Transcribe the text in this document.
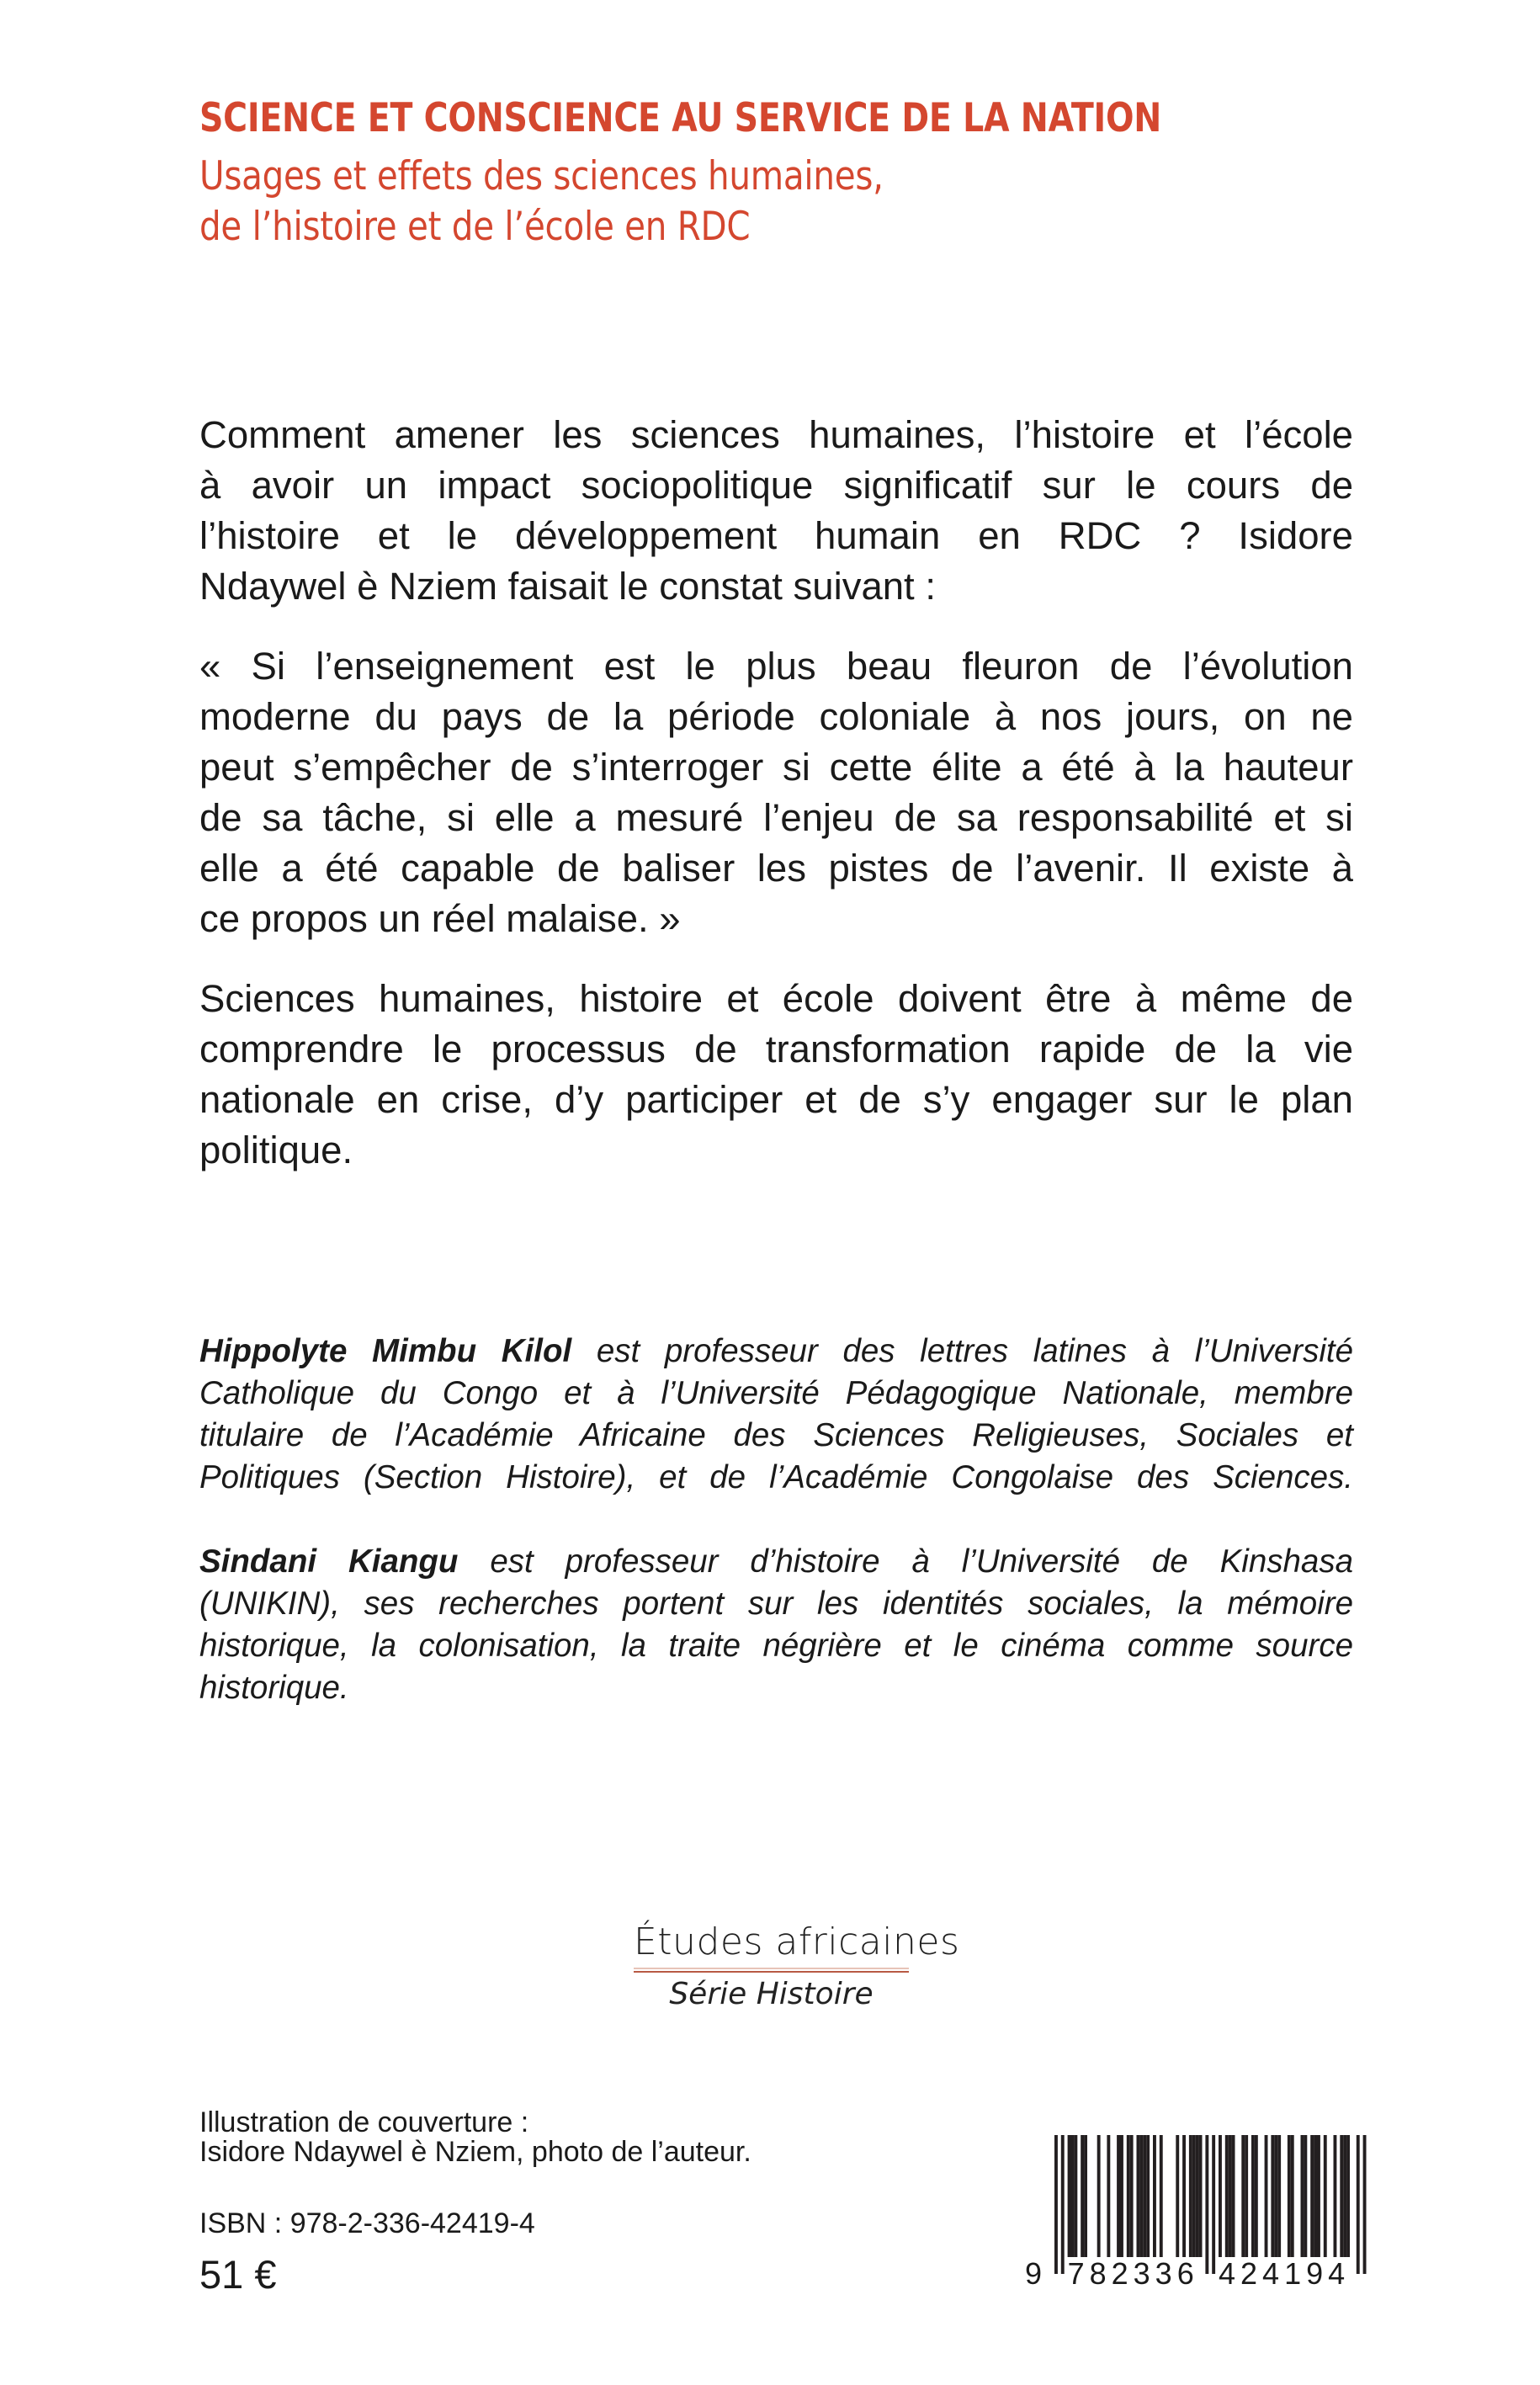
SCIENCE ET CONSCIENCE AU SERVICE DE LA NATION
Usages et effets des sciences humaines,
de l’histoire et de l’école en RDC
Comment amener les sciences humaines, l’histoire et l’école
à avoir un impact sociopolitique significatif sur le cours de
l’histoire et le développement humain en RDC ? Isidore
Ndaywel è Nziem faisait le constat suivant :
« Si l’enseignement est le plus beau fleuron de l’évolution
moderne du pays de la période coloniale à nos jours, on ne
peut s’empêcher de s’interroger si cette élite a été à la hauteur
de sa tâche, si elle a mesuré l’enjeu de sa responsabilité et si
elle a été capable de baliser les pistes de l’avenir. Il existe à
ce propos un réel malaise. »
Sciences humaines, histoire et école doivent être à même de
comprendre le processus de transformation rapide de la vie
nationale en crise, d’y participer et de s’y engager sur le plan
politique.
Hippolyte Mimbu Kilol est professeur des lettres latines à l’Université
Catholique du Congo et à l’Université Pédagogique Nationale, membre
titulaire de l’Académie Africaine des Sciences Religieuses, Sociales et
Politiques (Section Histoire), et de l’Académie Congolaise des Sciences.
Sindani Kiangu est professeur d’histoire à l’Université de Kinshasa
(UNIKIN), ses recherches portent sur les identités sociales, la mémoire
historique, la colonisation, la traite négrière et le cinéma comme source
historique.
Études africaines
Série Histoire
Illustration de couverture :
Isidore Ndaywel è Nziem, photo de l’auteur.
ISBN : 978-2-336-42419-4
51 €	9 782336 424194
